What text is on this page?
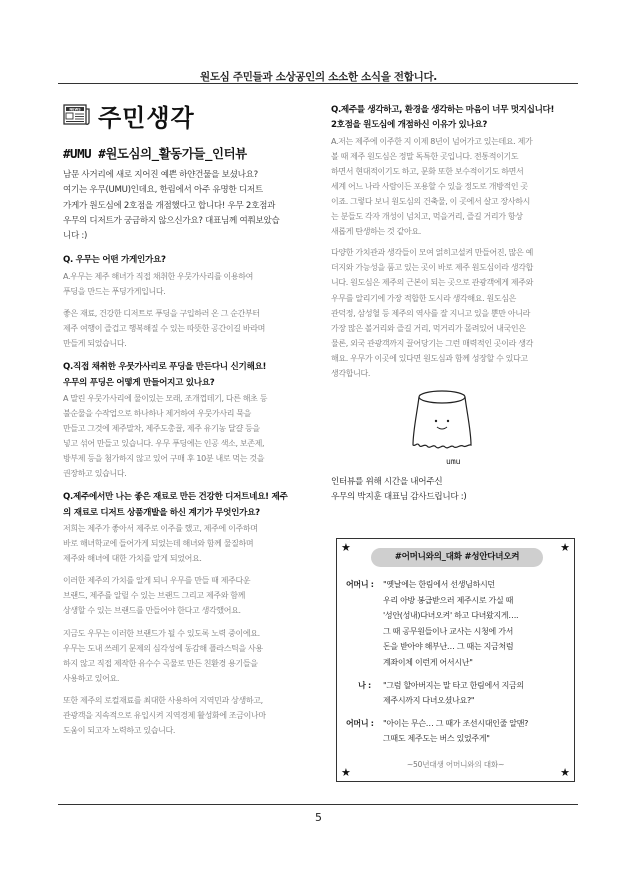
원도심 주민들과 소상공인의 소소한 소식을 전합니다.
NEWS 주민생각
#UMU #원도심의_활동가들_인터뷰

남문 사거리에 새로 지어진 예쁜 하얀건물을 보셨나요?

여기는 우무(UMU)인데요, 한림에서 아주 유명한 디저트

가게가 원도심에 2호점을 개점했다고 합니다! 우무 2호점과

우무의 디저트가 궁금하지 않으신가요? 대표님께 여쭤보았습

니다 :)

Q. 우무는 어떤 가게인가요?

A.우무는 제주 해녀가 직접 채취한 우뭇가사리를 이용하여
푸딩을 만드는 푸딩가게입니다.

좋은 재료, 건강한 디저트로 푸딩을 구입하러 온 그 순간부터
제주 여행이 즐겁고 행복해질 수 있는 따뜻한 공간이길 바라며
만들게 되었습니다.

Q.직접 채취한 우뭇가사리로 푸딩을 만든다니 신기해요!
우무의 푸딩은 어떻게 만들어지고 있나요?

A 말린 우뭇가사리에 물이있는 모래, 조개껍데기, 다른 해초 등
불순물을 수작업으로 하나하나 제거하여 우뭇가사리 묵을
만들고 그것에 제주말차, 제주도총꿀, 제주 유기농 달걀 등을
넣고 섞어 만들고 있습니다. 우무 푸딩에는 인공 색소, 보존제,
방부제 등을 첨가하지 않고 있어 구매 후 10분 내로 먹는 것을
권장하고 있습니다.

Q.제주에서만 나는 좋은 재료로 만든 건강한 디저트네요! 제주
의 재료로 디저트 상품개발을 하신 계기가 무엇인가요?

저희는 제주가 좋아서 제주로 이주를 했고, 제주에 이주하며
바로 해녀학교에 들어가게 되었는데 해녀와 함께 물질하며
제주와 해녀에 대한 가치를 알게 되었어요.

이러한 제주의 가치를 알게 되니 우무를 만들 때 제주다운
브랜드, 제주를 알릴 수 있는 브랜드 그리고 제주와 함께
상생할 수 있는 브랜드를 만들어야 한다고 생각했어요.

지금도 우무는 이러한 브랜드가 될 수 있도록 노력 중이에요.
우무는 도내 쓰레기 문제의 심각성에 동감해 플라스틱을 사용
하지 않고 직접 제작한 유수수 곡물로 만든 친환경 용기들을
사용하고 있어요.

또한 제주의 로컬재료를 최대한 사용하여 지역민과 상생하고,
관광객을 지속적으로 유입시켜 지역경제 활성화에 조금이나마
도움이 되고자 노력하고 있습니다.

Q.제주를 생각하고, 환경을 생각하는 마음이 너무 멋지십니다!
2호점을 원도심에 개점하신 이유가 있나요?

A.저는 제주에 이주한 지 이제 8년이 넘어가고 있는데요. 제가
볼 때 제주 원도심은 정말 독특한 곳입니다. 전통적이기도
하면서 현대적이기도 하고, 문화 또한 보수적이기도 하면서
세계 어느 나라 사람이든 포용할 수 있을 정도로 개방적인 곳
이죠. 그렇다 보니 원도심의 건축물, 이 곳에서 살고 장사하시
는 분들도 각자 개성이 넘치고, 먹을거리, 즐길 거리가 항상
새롭게 탄생하는 것 같아요.

다양한 가치관과 생각들이 모여 얽히고설켜 만들어진, 많은 예
더지와 가능성을 품고 있는 곳이 바로 제주 원도심이라 생각합
니다. 원도심은 제주의 근본이 되는 곳으로 관광객에게 제주와
우무를 알리기에 가장 적합한 도시라 생각해요. 원도심은
관덕정, 삼성혈 등 제주의 역사를 잘 지니고 있을 뿐만 아니라
가장 많은 볼거리와 즐길 거리, 먹거리가 몰려있어 내국인은
물론, 외국 관광객까지 끌어당기는 그런 매력적인 곳이라 생각
해요. 우무가 이곳에 있다면 원도심과 함께 성장할 수 있다고
생각합니다.

umu
인터뷰를 위해 시간을 내어주신
우무의 박지훈 대표님 감사드립니다 :)
★	★
★	★
#어머니와의_대화 #성안다녀오켜
어머니 :	"옛날에는 한림에서 선생님하시던
우리 아방 봉급받으러 제주시로 가실 때
'성안(성내)다녀오켜' 하고 다녀왔지게….
그 때 공무원들이나 교사는 시청에 가서
돈을 받아야 해부난… 그 때는 지금처럼
계좌이체 이런게 어서시난"
나 :	"그럼 할아버지는 말 타고 한림에서 지금의
제주시까지 다녀오셨나요?"
어머니 :	"아이는 무슨… 그 때가 조선시대인줄 알맨?
그때도 제주도는 버스 있었주게"
~50년대생 어머니와의 대화~
5
